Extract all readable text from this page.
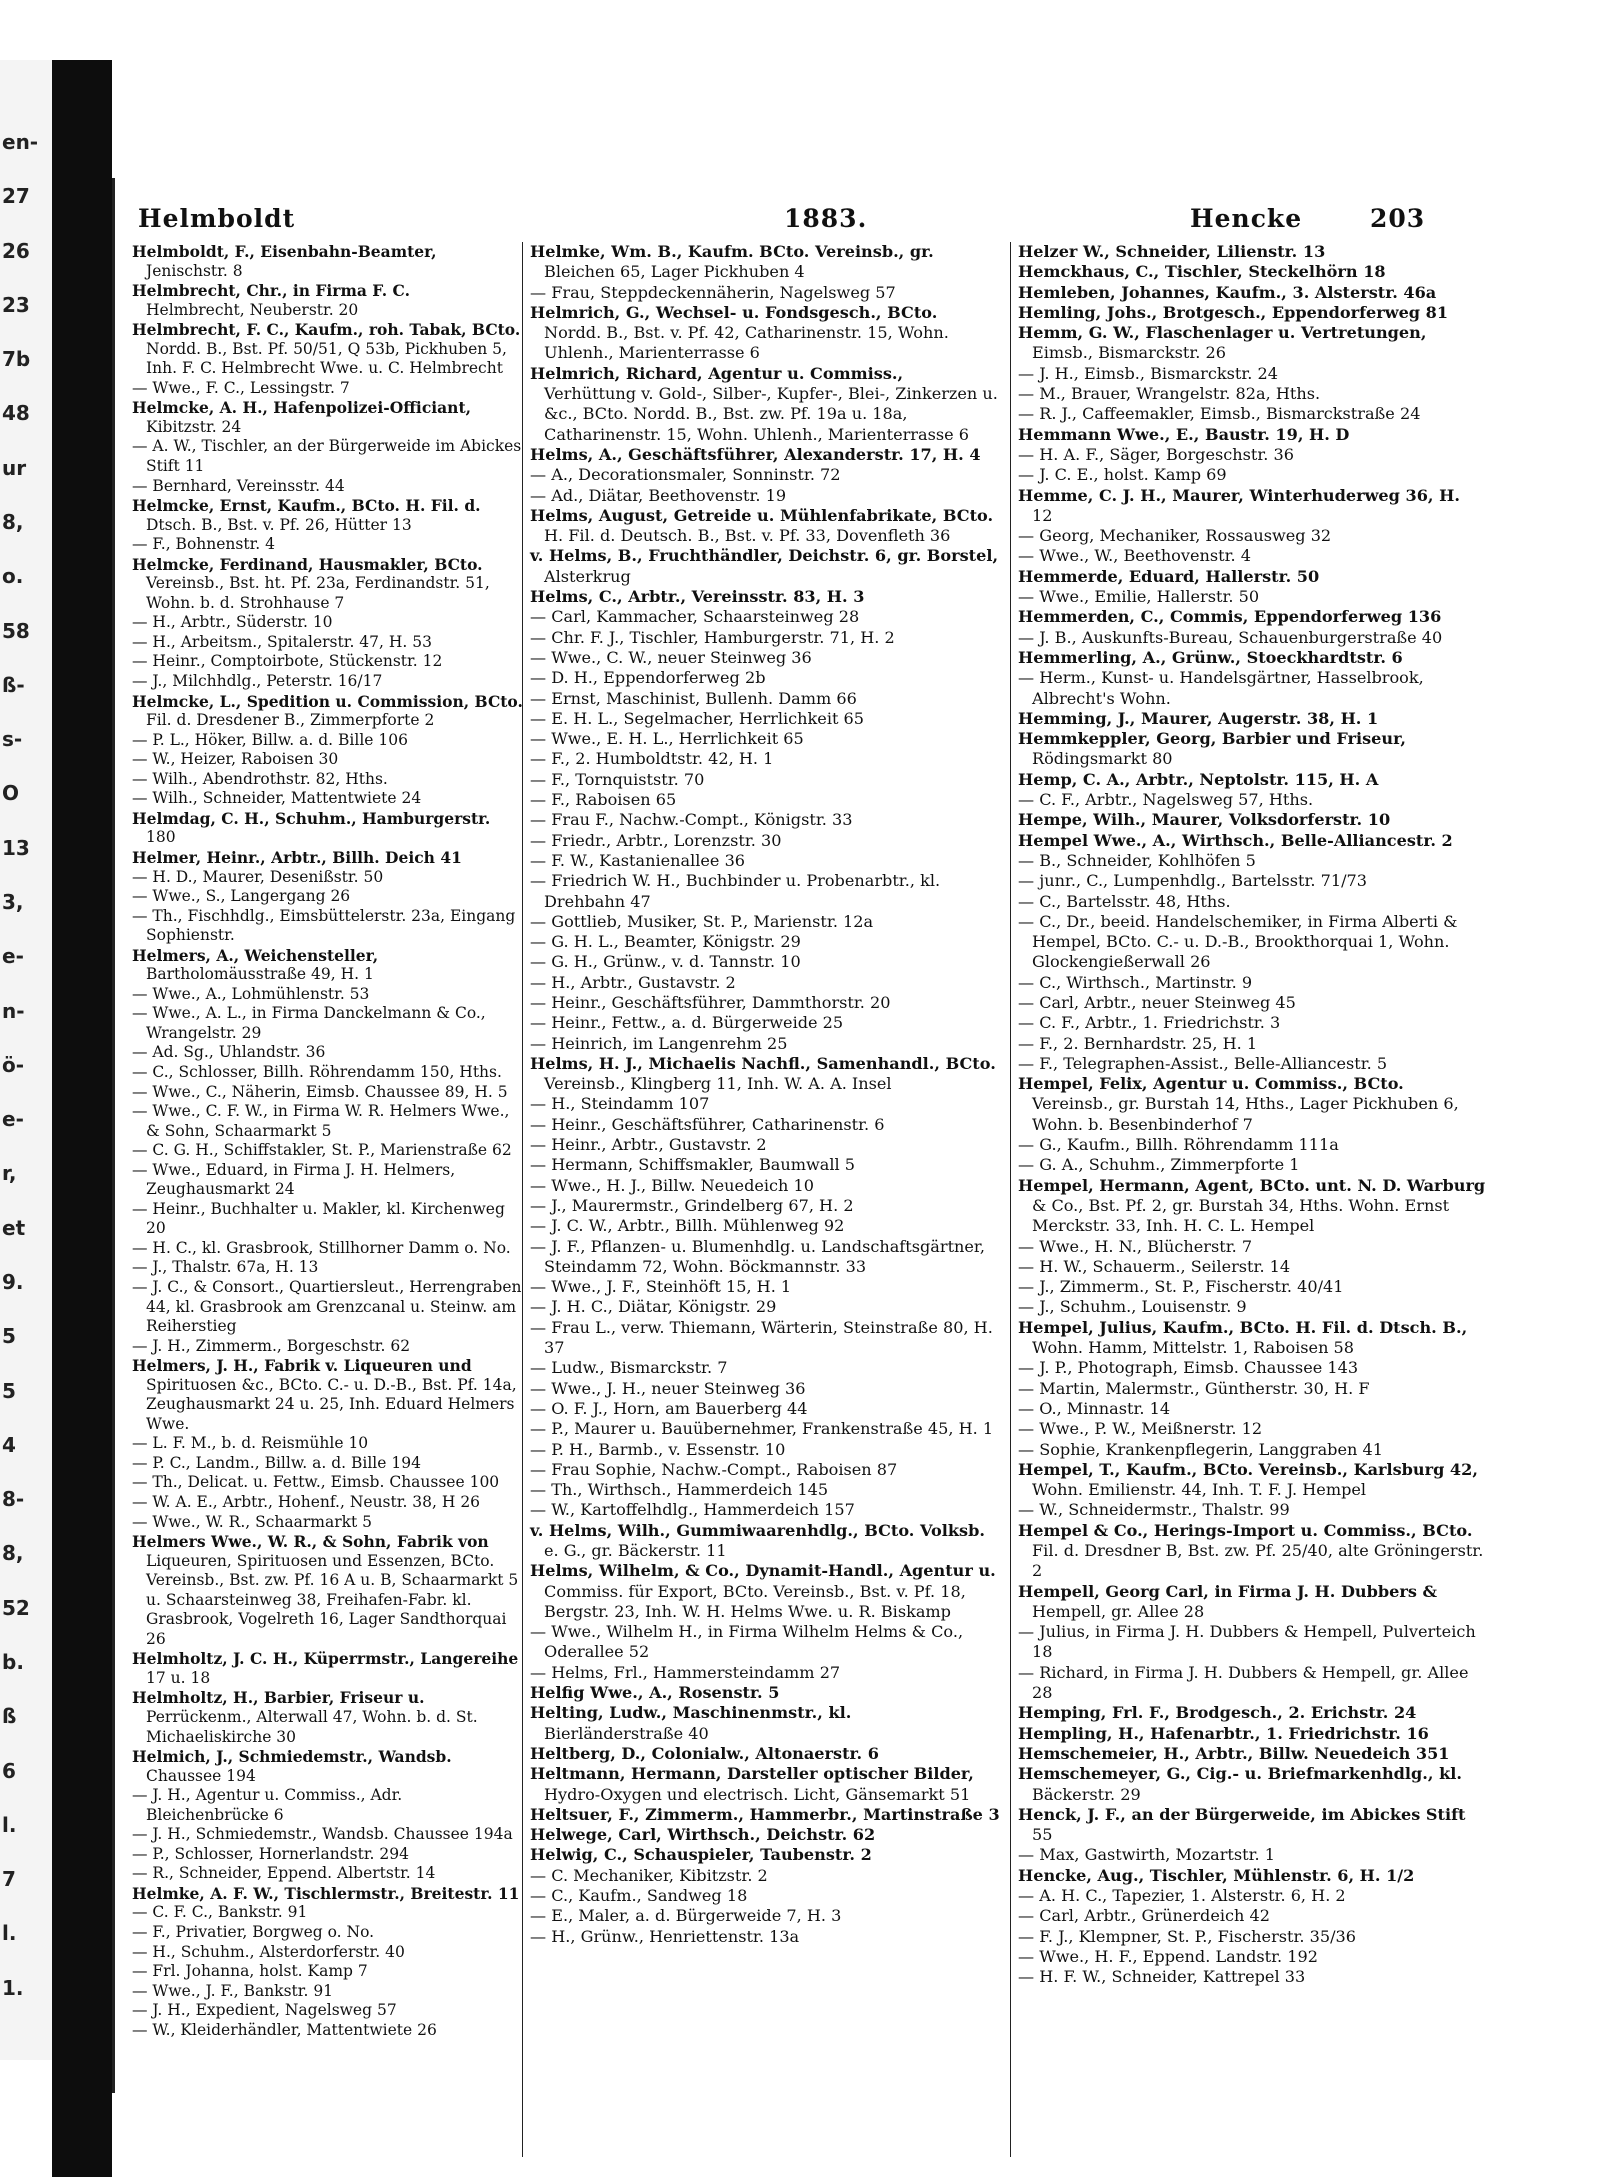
en-
27
26
23
7b
48
ur
8,
o.
58
ß-
s-
O
13
3,
e-
n-
ö-
e-
r,
et
9.
5
5
4
8-
8,
52
b.
ß
6
l.
7
l.
1.
Helmboldt	1883.	Hencke	203
Helmboldt, F., Eisenbahn-Beamter, Jenischstr. 8
Helmbrecht, Chr., in Firma F. C. Helmbrecht, Neuberstr. 20
Helmbrecht, F. C., Kaufm., roh. Tabak, BCto. Nordd. B., Bst. Pf. 50/51, Q 53b, Pickhuben 5, Inh. F. C. Helmbrecht Wwe. u. C. Helmbrecht
— Wwe., F. C., Lessingstr. 7
Helmcke, A. H., Hafenpolizei-Officiant, Kibitzstr. 24
— A. W., Tischler, an der Bürgerweide im Abickes Stift 11
— Bernhard, Vereinsstr. 44
Helmcke, Ernst, Kaufm., BCto. H. Fil. d. Dtsch. B., Bst. v. Pf. 26, Hütter 13
— F., Bohnenstr. 4
Helmcke, Ferdinand, Hausmakler, BCto. Vereinsb., Bst. ht. Pf. 23a, Ferdinandstr. 51, Wohn. b. d. Strohhause 7
— H., Arbtr., Süderstr. 10
— H., Arbeitsm., Spitalerstr. 47, H. 53
— Heinr., Comptoirbote, Stückenstr. 12
— J., Milchhdlg., Peterstr. 16/17
Helmcke, L., Spedition u. Commission, BCto. Fil. d. Dresdener B., Zimmerpforte 2
— P. L., Höker, Billw. a. d. Bille 106
— W., Heizer, Raboisen 30
— Wilh., Abendrothstr. 82, Hths.
— Wilh., Schneider, Mattentwiete 24
Helmdag, C. H., Schuhm., Hamburgerstr. 180
Helmer, Heinr., Arbtr., Billh. Deich 41
— H. D., Maurer, Desenißstr. 50
— Wwe., S., Langergang 26
— Th., Fischhdlg., Eimsbüttelerstr. 23a, Eingang Sophienstr.
Helmers, A., Weichensteller, Bartholomäusstraße 49, H. 1
— Wwe., A., Lohmühlenstr. 53
— Wwe., A. L., in Firma Danckelmann & Co., Wrangelstr. 29
— Ad. Sg., Uhlandstr. 36
— C., Schlosser, Billh. Röhrendamm 150, Hths.
— Wwe., C., Näherin, Eimsb. Chaussee 89, H. 5
— Wwe., C. F. W., in Firma W. R. Helmers Wwe., & Sohn, Schaarmarkt 5
— C. G. H., Schiffstakler, St. P., Marienstraße 62
— Wwe., Eduard, in Firma J. H. Helmers, Zeughausmarkt 24
— Heinr., Buchhalter u. Makler, kl. Kirchenweg 20
— H. C., kl. Grasbrook, Stillhorner Damm o. No.
— J., Thalstr. 67a, H. 13
— J. C., & Consort., Quartiersleut., Herrengraben 44, kl. Grasbrook am Grenzcanal u. Steinw. am Reiherstieg
— J. H., Zimmerm., Borgeschstr. 62
Helmers, J. H., Fabrik v. Liqueuren und Spirituosen &c., BCto. C.- u. D.-B., Bst. Pf. 14a, Zeughausmarkt 24 u. 25, Inh. Eduard Helmers Wwe.
— L. F. M., b. d. Reismühle 10
— P. C., Landm., Billw. a. d. Bille 194
— Th., Delicat. u. Fettw., Eimsb. Chaussee 100
— W. A. E., Arbtr., Hohenf., Neustr. 38, H 26
— Wwe., W. R., Schaarmarkt 5
Helmers Wwe., W. R., & Sohn, Fabrik von Liqueuren, Spirituosen und Essenzen, BCto. Vereinsb., Bst. zw. Pf. 16 A u. B, Schaarmarkt 5 u. Schaarsteinweg 38, Freihafen-Fabr. kl. Grasbrook, Vogelreth 16, Lager Sandthorquai 26
Helmholtz, J. C. H., Küperrmstr., Langereihe 17 u. 18
Helmholtz, H., Barbier, Friseur u. Perrückenm., Alterwall 47, Wohn. b. d. St. Michaeliskirche 30
Helmich, J., Schmiedemstr., Wandsb. Chaussee 194
— J. H., Agentur u. Commiss., Adr. Bleichenbrücke 6
— J. H., Schmiedemstr., Wandsb. Chaussee 194a
— P., Schlosser, Hornerlandstr. 294
— R., Schneider, Eppend. Albertstr. 14
Helmke, A. F. W., Tischlermstr., Breitestr. 11
— C. F. C., Bankstr. 91
— F., Privatier, Borgweg o. No.
— H., Schuhm., Alsterdorferstr. 40
— Frl. Johanna, holst. Kamp 7
— Wwe., J. F., Bankstr. 91
— J. H., Expedient, Nagelsweg 57
— W., Kleiderhändler, Mattentwiete 26
Helmke, Wm. B., Kaufm. BCto. Vereinsb., gr. Bleichen 65, Lager Pickhuben 4
— Frau, Steppdeckennäherin, Nagelsweg 57
Helmrich, G., Wechsel- u. Fondsgesch., BCto. Nordd. B., Bst. v. Pf. 42, Catharinenstr. 15, Wohn. Uhlenh., Marienterrasse 6
Helmrich, Richard, Agentur u. Commiss., Verhüttung v. Gold-, Silber-, Kupfer-, Blei-, Zinkerzen u. &c., BCto. Nordd. B., Bst. zw. Pf. 19a u. 18a, Catharinenstr. 15, Wohn. Uhlenh., Marienterrasse 6
Helms, A., Geschäftsführer, Alexanderstr. 17, H. 4
— A., Decorationsmaler, Sonninstr. 72
— Ad., Diätar, Beethovenstr. 19
Helms, August, Getreide u. Mühlenfabrikate, BCto. H. Fil. d. Deutsch. B., Bst. v. Pf. 33, Dovenfleth 36
v. Helms, B., Fruchthändler, Deichstr. 6, gr. Borstel, Alsterkrug
Helms, C., Arbtr., Vereinsstr. 83, H. 3
— Carl, Kammacher, Schaarsteinweg 28
— Chr. F. J., Tischler, Hamburgerstr. 71, H. 2
— Wwe., C. W., neuer Steinweg 36
— D. H., Eppendorferweg 2b
— Ernst, Maschinist, Bullenh. Damm 66
— E. H. L., Segelmacher, Herrlichkeit 65
— Wwe., E. H. L., Herrlichkeit 65
— F., 2. Humboldtstr. 42, H. 1
— F., Tornquiststr. 70
— F., Raboisen 65
— Frau F., Nachw.-Compt., Königstr. 33
— Friedr., Arbtr., Lorenzstr. 30
— F. W., Kastanienallee 36
— Friedrich W. H., Buchbinder u. Probenarbtr., kl. Drehbahn 47
— Gottlieb, Musiker, St. P., Marienstr. 12a
— G. H. L., Beamter, Königstr. 29
— G. H., Grünw., v. d. Tannstr. 10
— H., Arbtr., Gustavstr. 2
— Heinr., Geschäftsführer, Dammthorstr. 20
— Heinr., Fettw., a. d. Bürgerweide 25
— Heinrich, im Langenrehm 25
Helms, H. J., Michaelis Nachfl., Samenhandl., BCto. Vereinsb., Klingberg 11, Inh. W. A. A. Insel
— H., Steindamm 107
— Heinr., Geschäftsführer, Catharinenstr. 6
— Heinr., Arbtr., Gustavstr. 2
— Hermann, Schiffsmakler, Baumwall 5
— Wwe., H. J., Billw. Neuedeich 10
— J., Maurermstr., Grindelberg 67, H. 2
— J. C. W., Arbtr., Billh. Mühlenweg 92
— J. F., Pflanzen- u. Blumenhdlg. u. Landschaftsgärtner, Steindamm 72, Wohn. Böckmannstr. 33
— Wwe., J. F., Steinhöft 15, H. 1
— J. H. C., Diätar, Königstr. 29
— Frau L., verw. Thiemann, Wärterin, Steinstraße 80, H. 37
— Ludw., Bismarckstr. 7
— Wwe., J. H., neuer Steinweg 36
— O. F. J., Horn, am Bauerberg 44
— P., Maurer u. Bauübernehmer, Frankenstraße 45, H. 1
— P. H., Barmb., v. Essenstr. 10
— Frau Sophie, Nachw.-Compt., Raboisen 87
— Th., Wirthsch., Hammerdeich 145
— W., Kartoffelhdlg., Hammerdeich 157
v. Helms, Wilh., Gummiwaarenhdlg., BCto. Volksb. e. G., gr. Bäckerstr. 11
Helms, Wilhelm, & Co., Dynamit-Handl., Agentur u. Commiss. für Export, BCto. Vereinsb., Bst. v. Pf. 18, Bergstr. 23, Inh. W. H. Helms Wwe. u. R. Biskamp
— Wwe., Wilhelm H., in Firma Wilhelm Helms & Co., Oderallee 52
— Helms, Frl., Hammersteindamm 27
Helfig Wwe., A., Rosenstr. 5
Helting, Ludw., Maschinenmstr., kl. Bierländerstraße 40
Heltberg, D., Colonialw., Altonaerstr. 6
Heltmann, Hermann, Darsteller optischer Bilder, Hydro-Oxygen und electrisch. Licht, Gänsemarkt 51
Heltsuer, F., Zimmerm., Hammerbr., Martinstraße 3
Helwege, Carl, Wirthsch., Deichstr. 62
Helwig, C., Schauspieler, Taubenstr. 2
— C. Mechaniker, Kibitzstr. 2
— C., Kaufm., Sandweg 18
— E., Maler, a. d. Bürgerweide 7, H. 3
— H., Grünw., Henriettenstr. 13a
Helzer W., Schneider, Lilienstr. 13
Hemckhaus, C., Tischler, Steckelhörn 18
Hemleben, Johannes, Kaufm., 3. Alsterstr. 46a
Hemling, Johs., Brotgesch., Eppendorferweg 81
Hemm, G. W., Flaschenlager u. Vertretungen, Eimsb., Bismarckstr. 26
— J. H., Eimsb., Bismarckstr. 24
— M., Brauer, Wrangelstr. 82a, Hths.
— R. J., Caffeemakler, Eimsb., Bismarckstraße 24
Hemmann Wwe., E., Baustr. 19, H. D
— H. A. F., Säger, Borgeschstr. 36
— J. C. E., holst. Kamp 69
Hemme, C. J. H., Maurer, Winterhuderweg 36, H. 12
— Georg, Mechaniker, Rossausweg 32
— Wwe., W., Beethovenstr. 4
Hemmerde, Eduard, Hallerstr. 50
— Wwe., Emilie, Hallerstr. 50
Hemmerden, C., Commis, Eppendorferweg 136
— J. B., Auskunfts-Bureau, Schauenburgerstraße 40
Hemmerling, A., Grünw., Stoeckhardtstr. 6
— Herm., Kunst- u. Handelsgärtner, Hasselbrook, Albrecht's Wohn.
Hemming, J., Maurer, Augerstr. 38, H. 1
Hemmkeppler, Georg, Barbier und Friseur, Rödingsmarkt 80
Hemp, C. A., Arbtr., Neptolstr. 115, H. A
— C. F., Arbtr., Nagelsweg 57, Hths.
Hempe, Wilh., Maurer, Volksdorferstr. 10
Hempel Wwe., A., Wirthsch., Belle-Alliancestr. 2
— B., Schneider, Kohlhöfen 5
— junr., C., Lumpenhdlg., Bartelsstr. 71/73
— C., Bartelsstr. 48, Hths.
— C., Dr., beeid. Handelschemiker, in Firma Alberti & Hempel, BCto. C.- u. D.-B., Brookthorquai 1, Wohn. Glockengießerwall 26
— C., Wirthsch., Martinstr. 9
— Carl, Arbtr., neuer Steinweg 45
— C. F., Arbtr., 1. Friedrichstr. 3
— F., 2. Bernhardstr. 25, H. 1
— F., Telegraphen-Assist., Belle-Alliancestr. 5
Hempel, Felix, Agentur u. Commiss., BCto. Vereinsb., gr. Burstah 14, Hths., Lager Pickhuben 6, Wohn. b. Besenbinderhof 7
— G., Kaufm., Billh. Röhrendamm 111a
— G. A., Schuhm., Zimmerpforte 1
Hempel, Hermann, Agent, BCto. unt. N. D. Warburg & Co., Bst. Pf. 2, gr. Burstah 34, Hths. Wohn. Ernst Merckstr. 33, Inh. H. C. L. Hempel
— Wwe., H. N., Blücherstr. 7
— H. W., Schauerm., Seilerstr. 14
— J., Zimmerm., St. P., Fischerstr. 40/41
— J., Schuhm., Louisenstr. 9
Hempel, Julius, Kaufm., BCto. H. Fil. d. Dtsch. B., Wohn. Hamm, Mittelstr. 1, Raboisen 58
— J. P., Photograph, Eimsb. Chaussee 143
— Martin, Malermstr., Güntherstr. 30, H. F
— O., Minnastr. 14
— Wwe., P. W., Meißnerstr. 12
— Sophie, Krankenpflegerin, Langgraben 41
Hempel, T., Kaufm., BCto. Vereinsb., Karlsburg 42, Wohn. Emilienstr. 44, Inh. T. F. J. Hempel
— W., Schneidermstr., Thalstr. 99
Hempel & Co., Herings-Import u. Commiss., BCto. Fil. d. Dresdner B, Bst. zw. Pf. 25/40, alte Gröningerstr. 2
Hempell, Georg Carl, in Firma J. H. Dubbers & Hempell, gr. Allee 28
— Julius, in Firma J. H. Dubbers & Hempell, Pulverteich 18
— Richard, in Firma J. H. Dubbers & Hempell, gr. Allee 28
Hemping, Frl. F., Brodgesch., 2. Erichstr. 24
Hempling, H., Hafenarbtr., 1. Friedrichstr. 16
Hemschemeier, H., Arbtr., Billw. Neuedeich 351
Hemschemeyer, G., Cig.- u. Briefmarkenhdlg., kl. Bäckerstr. 29
Henck, J. F., an der Bürgerweide, im Abickes Stift 55
— Max, Gastwirth, Mozartstr. 1
Hencke, Aug., Tischler, Mühlenstr. 6, H. 1/2
— A. H. C., Tapezier, 1. Alsterstr. 6, H. 2
— Carl, Arbtr., Grünerdeich 42
— F. J., Klempner, St. P., Fischerstr. 35/36
— Wwe., H. F., Eppend. Landstr. 192
— H. F. W., Schneider, Kattrepel 33
